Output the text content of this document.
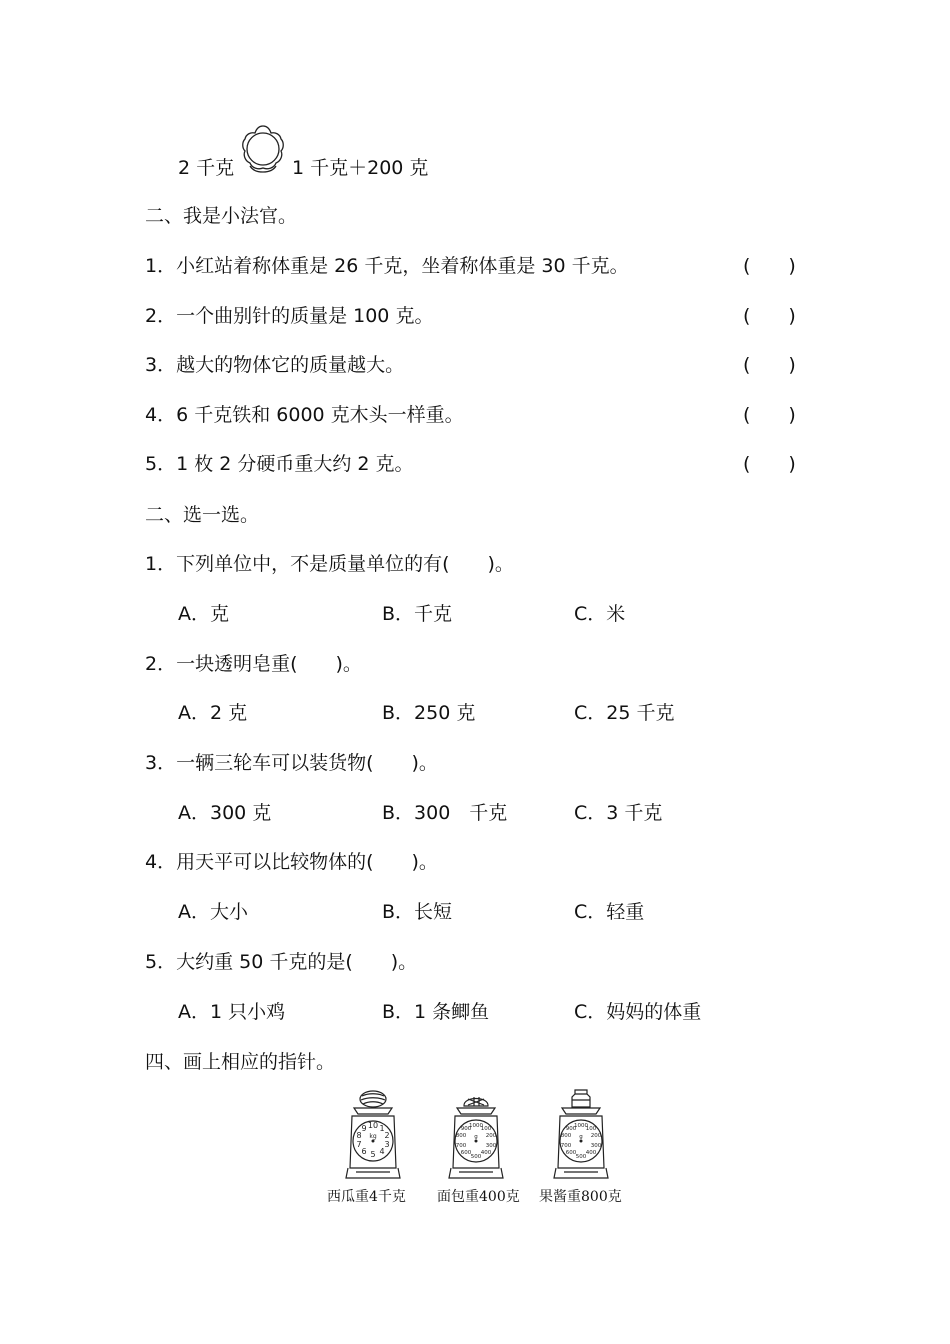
2 千克	1 千克＋200 克
二、我是小法官。
1．小红站着称体重是 26 千克，坐着称体重是 30 千克。	(　　)
2．一个曲别针的质量是 100 克。	(　　)
3．越大的物体它的质量越大。	(　　)
4．6 千克铁和 6000 克木头一样重。	(　　)
5．1 枚 2 分硬币重大约 2 克。	(　　)
二、选一选。
1．下列单位中，不是质量单位的有(　　)。
A．克	B．千克	C．米
2．一块透明皂重(　　)。
A．2 克	B．250 克	C．25 千克
3．一辆三轮车可以装货物(　　)。
A．300 克	B．300　千克	C．3 千克
4．用天平可以比较物体的(　　)。
A．大小	B．长短	C．轻重
5．大约重 50 千克的是(　　)。
A．1 只小鸡	B．1 条鲫鱼	C．妈妈的体重
四、画上相应的指针。
10 1
2
3
4
5
6
7
8
9
kg
西瓜重4千克
1000
100
200
300
400
500
600
700
800
900
g
面包重400克
1000
100
200
300
400
500
600
700
800
900
g
果酱重800克
